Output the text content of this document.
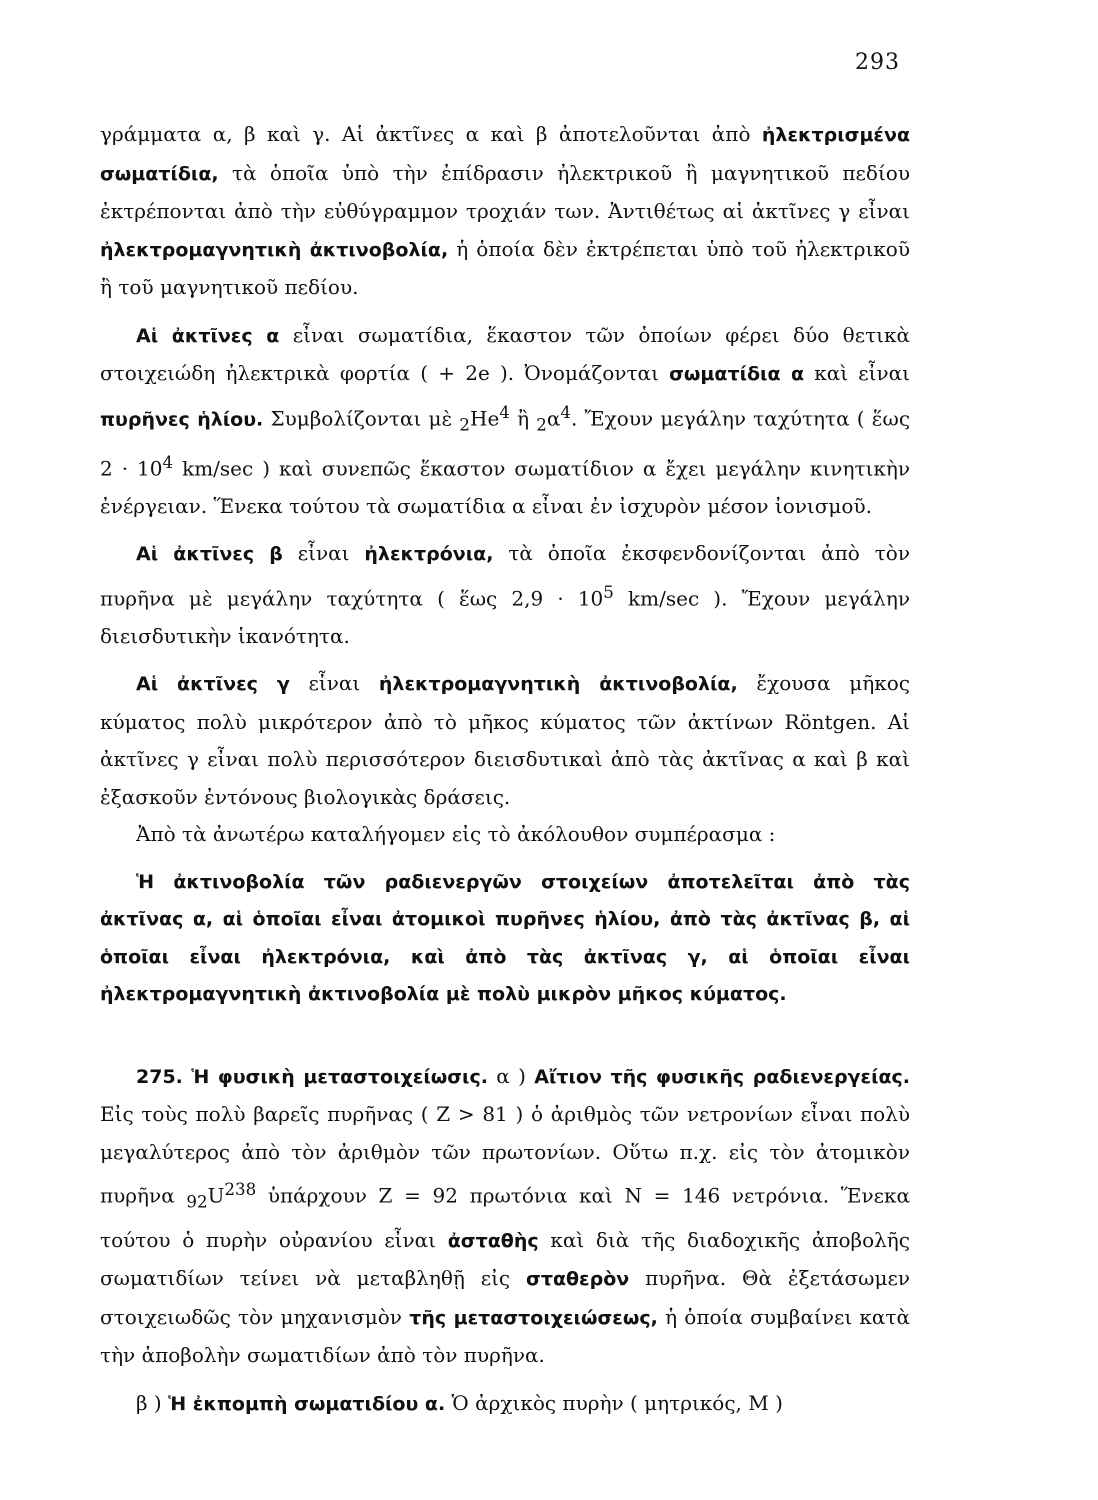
293

γράμματα α, β καὶ γ. Αἱ ἀκτῖνες α καὶ β ἀποτελοῦνται ἀπὸ ἠλεκτρισμένα σωματίδια, τὰ ὁποῖα ὑπὸ τὴν ἐπίδρασιν ἠλεκτρικοῦ ἢ μαγνητικοῦ πεδίου ἐκτρέπονται ἀπὸ τὴν εὐθύγραμμον τροχιάν των. Ἀντιθέτως αἱ ἀκτῖνες γ εἶναι ἠλεκτρομαγνητικὴ ἀκτινοβολία, ἡ ὁποία δὲν ἐκτρέπεται ὑπὸ τοῦ ἠλεκτρικοῦ ἢ τοῦ μαγνητικοῦ πεδίου.

Αἱ ἀκτῖνες α εἶναι σωματίδια, ἕκαστον τῶν ὁποίων φέρει δύο θετικὰ στοιχειώδη ἠλεκτρικὰ φορτία ( + 2e ). Ὀνομάζονται σωματίδια α καὶ εἶναι πυρῆνες ἡλίου. Συμβολίζονται μὲ $_2He^4$ ἢ $_2\alpha^4$. Ἔχουν μεγάλην ταχύτητα ( ἕως $2 \cdot 10^4$ km/sec ) καὶ συνεπῶς ἕκαστον σωματίδιον α ἔχει μεγάλην κινητικὴν ἐνέργειαν. Ἕνεκα τούτου τὰ σωματίδια α εἶναι ἐν ἰσχυρὸν μέσον ἰονισμοῦ.

Αἱ ἀκτῖνες β εἶναι ἠλεκτρόνια, τὰ ὁποῖα ἐκσφενδονίζονται ἀπὸ τὸν πυρῆνα μὲ μεγάλην ταχύτητα ( ἕως $2,9 \cdot 10^5$ km/sec ). Ἔχουν μεγάλην διεισδυτικὴν ἱκανότητα.

Αἱ ἀκτῖνες γ εἶναι ἠλεκτρομαγνητικὴ ἀκτινοβολία, ἔχουσα μῆκος κύματος πολὺ μικρότερον ἀπὸ τὸ μῆκος κύματος τῶν ἀκτίνων Röntgen. Αἱ ἀκτῖνες γ εἶναι πολὺ περισσότερον διεισδυτικαὶ ἀπὸ τὰς ἀκτῖνας α καὶ β καὶ ἐξασκοῦν ἐντόνους βιολογικὰς δράσεις.

Ἀπὸ τὰ ἀνωτέρω καταλήγομεν εἰς τὸ ἀκόλουθον συμπέρασμα :

Ἡ ἀκτινοβολία τῶν ραδιενεργῶν στοιχείων ἀποτελεῖται ἀπὸ τὰς ἀκτῖνας α, αἱ ὁποῖαι εἶναι ἀτομικοὶ πυρῆνες ἡλίου, ἀπὸ τὰς ἀκτῖνας β, αἱ ὁποῖαι εἶναι ἠλεκτρόνια, καὶ ἀπὸ τὰς ἀκτῖνας γ, αἱ ὁποῖαι εἶναι ἠλεκτρομαγνητικὴ ἀκτινοβολία μὲ πολὺ μικρὸν μῆκος κύματος.

275. Ἡ φυσικὴ μεταστοιχείωσις. α ) Αἴτιον τῆς φυσικῆς ραδιενεργείας. Εἰς τοὺς πολὺ βαρεῖς πυρῆνας ( Z > 81 ) ὁ ἀριθμὸς τῶν νετρονίων εἶναι πολὺ μεγαλύτερος ἀπὸ τὸν ἀριθμὸν τῶν πρωτονίων. Οὕτω π.χ. εἰς τὸν ἀτομικὸν πυρῆνα $_{92}U^{238}$ ὑπάρχουν Z = 92 πρωτόνια καὶ N = 146 νετρόνια. Ἕνεκα τούτου ὁ πυρὴν οὐρανίου εἶναι ἀσταθὴς καὶ διὰ τῆς διαδοχικῆς ἀποβολῆς σωματιδίων τείνει νὰ μεταβληθῇ εἰς σταθερὸν πυρῆνα. Θὰ ἐξετάσωμεν στοιχειωδῶς τὸν μηχανισμὸν τῆς μεταστοιχειώσεως, ἡ ὁποία συμβαίνει κατὰ τὴν ἀποβολὴν σωματιδίων ἀπὸ τὸν πυρῆνα.

β ) Ἡ ἐκπομπὴ σωματιδίου α. Ὁ ἀρχικὸς πυρὴν ( μητρικός, M )
